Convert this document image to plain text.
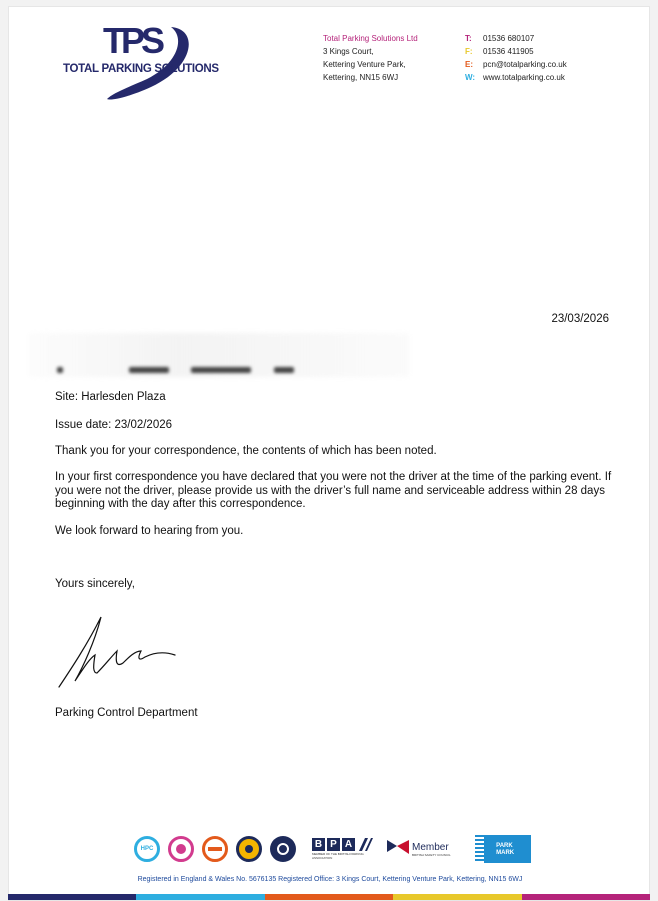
TPS
TOTAL PARKING SOLUTIONS
Total Parking Solutions Ltd
3 Kings Court,
Kettering Venture Park,
Kettering, NN15 6WJ
T:	01536 680107
F:	01536 411905
E:	pcn@totalparking.co.uk
W: www.totalparking.co.uk
23/03/2026
Site: Harlesden Plaza
Issue date: 23/02/2026
Thank you for your correspondence, the contents of which has been noted.
In your first correspondence you have declared that you were not the driver at the time of the parking event. If you were not the driver, please provide us with the driver’s full name and serviceable address within 28 days beginning with the day after this correspondence.
We look forward to hearing from you.
Yours sincerely,
Parking Control Department
HPC	B P A
MEMBER OF THE BRITISH PARKING ASSOCIATION
Member
BRITISH SAFETY COUNCIL
PARK MARK
Registered in England & Wales No. 5676135 Registered Office: 3 Kings Court, Kettering Venture Park, Kettering, NN15 6WJ
